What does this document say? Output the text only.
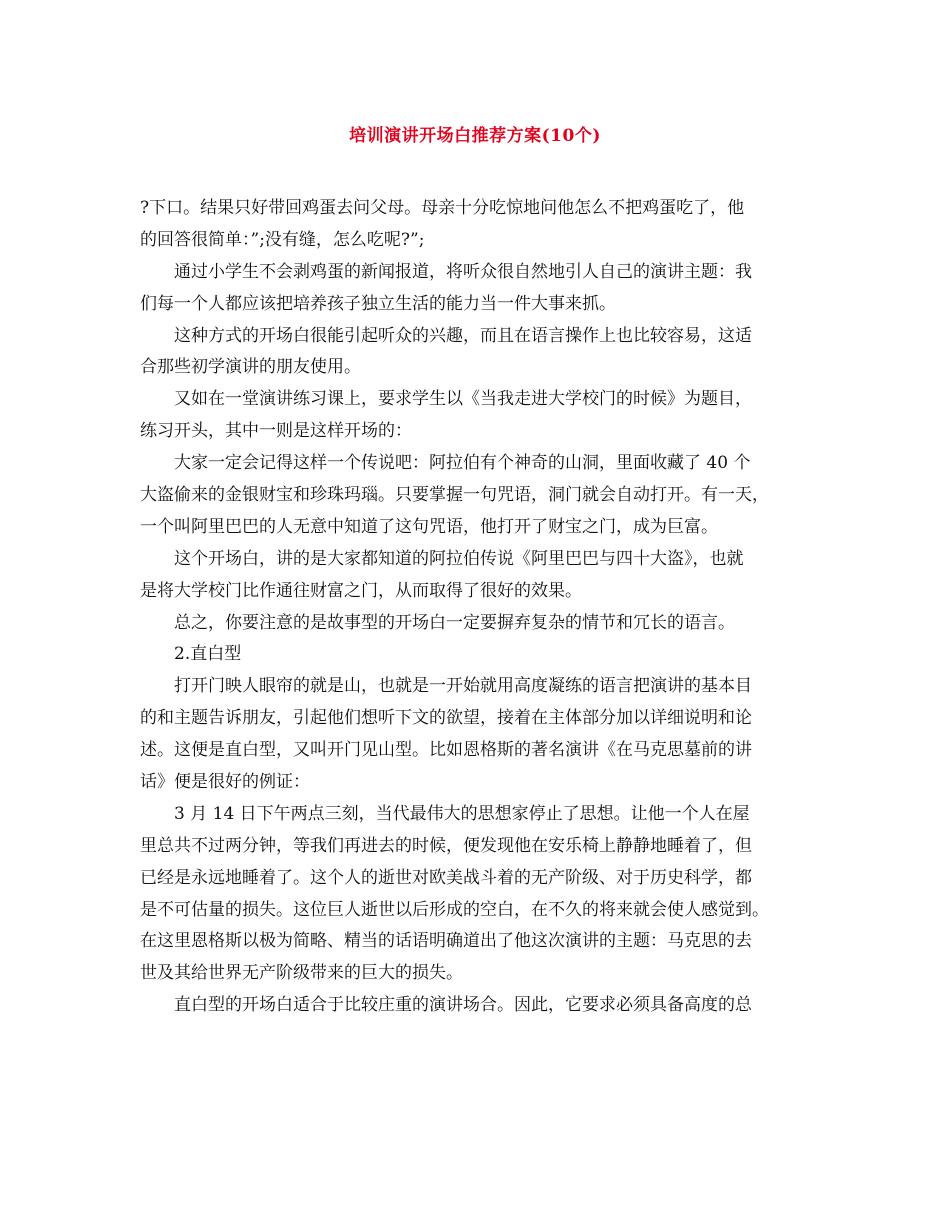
培训演讲开场白推荐方案(10个)
?下口。结果只好带回鸡蛋去问父母。母亲十分吃惊地问他怎么不把鸡蛋吃了，他
的回答很简单：”;没有缝，怎么吃呢?”;
通过小学生不会剥鸡蛋的新闻报道，将听众很自然地引人自己的演讲主题：我
们每一个人都应该把培养孩子独立生活的能力当一件大事来抓。
这种方式的开场白很能引起听众的兴趣，而且在语言操作上也比较容易，这适
合那些初学演讲的朋友使用。
又如在一堂演讲练习课上，要求学生以《当我走进大学校门的时候》为题目，
练习开头，其中一则是这样开场的：
大家一定会记得这样一个传说吧：阿拉伯有个神奇的山洞，里面收藏了 40 个
大盗偷来的金银财宝和珍珠玛瑙。只要掌握一句咒语，洞门就会自动打开。有一天，
一个叫阿里巴巴的人无意中知道了这句咒语，他打开了财宝之门，成为巨富。
这个开场白，讲的是大家都知道的阿拉伯传说《阿里巴巴与四十大盗》，也就
是将大学校门比作通往财富之门，从而取得了很好的效果。
总之，你要注意的是故事型的开场白一定要摒弃复杂的情节和冗长的语言。
2.直白型
打开门映人眼帘的就是山，也就是一开始就用高度凝练的语言把演讲的基本目
的和主题告诉朋友，引起他们想听下文的欲望，接着在主体部分加以详细说明和论
述。这便是直白型，又叫开门见山型。比如恩格斯的著名演讲《在马克思墓前的讲
话》便是很好的例证：
3 月 14 日下午两点三刻，当代最伟大的思想家停止了思想。让他一个人在屋
里总共不过两分钟，等我们再进去的时候，便发现他在安乐椅上静静地睡着了，但
已经是永远地睡着了。这个人的逝世对欧美战斗着的无产阶级、对于历史科学，都
是不可估量的损失。这位巨人逝世以后形成的空白，在不久的将来就会使人感觉到。
在这里恩格斯以极为简略、精当的话语明确道出了他这次演讲的主题：马克思的去
世及其给世界无产阶级带来的巨大的损失。
直白型的开场白适合于比较庄重的演讲场合。因此，它要求必须具备高度的总
